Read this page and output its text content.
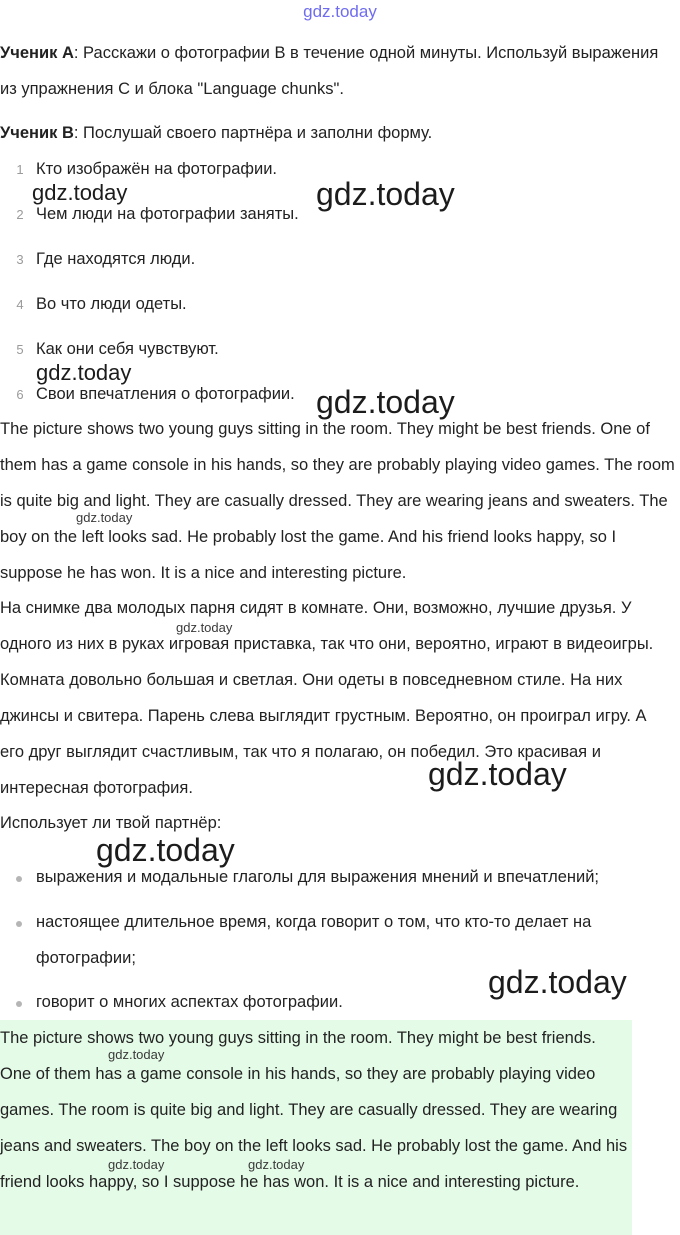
gdz.today

Ученик А: Расскажи о фотографии В в течение одной минуты. Используй выражения из упражнения С и блока "Language chunks".

Ученик В: Послушай своего партнёра и заполни форму.

1 Кто изображён на фотографии.
2 Чем люди на фотографии заняты.
3 Где находятся люди.
4 Во что люди одеты.
5 Как они себя чувствуют.
6 Свои впечатления о фотографии.

The picture shows two young guys sitting in the room. They might be best friends. One of them has a game console in his hands, so they are probably playing video games. The room is quite big and light. They are casually dressed. They are wearing jeans and sweaters. The boy on the left looks sad. He probably lost the game. And his friend looks happy, so I suppose he has won. It is a nice and interesting picture.

На снимке два молодых парня сидят в комнате. Они, возможно, лучшие друзья. У одного из них в руках игровая приставка, так что они, вероятно, играют в видеоигры. Комната довольно большая и светлая. Они одеты в повседневном стиле. На них джинсы и свитера. Парень слева выглядит грустным. Вероятно, он проиграл игру. А его друг выглядит счастливым, так что я полагаю, он победил. Это красивая и интересная фотография.

Использует ли твой партнёр:

выражения и модальные глаголы для выражения мнений и впечатлений;

настоящее длительное время, когда говорит о том, что кто-то делает на фотографии;

говорит о многих аспектах фотографии.

The picture shows two young guys sitting in the room. They might be best friends. One of them has a game console in his hands, so they are probably playing video games. The room is quite big and light. They are casually dressed. They are wearing jeans and sweaters. The boy on the left looks sad. He probably lost the game. And his friend looks happy, so I suppose he has won. It is a nice and interesting picture.

gdz.today	gdz.today
gdz.today
gdz.today
gdz.today
gdz.today
gdz.today
gdz.today
gdz.today
gdz.today
gdz.today	gdz.today
